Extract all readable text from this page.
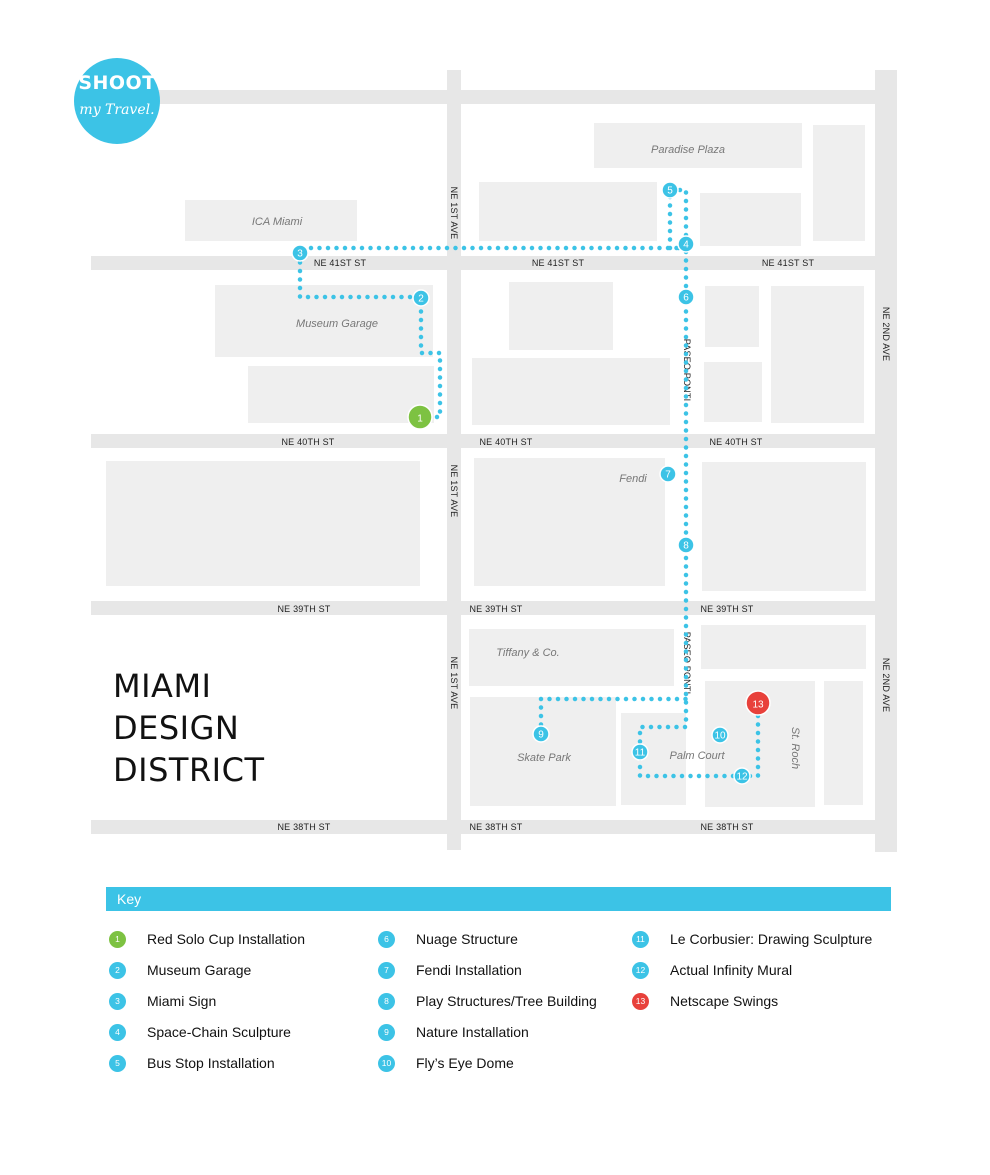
NE 41ST ST	NE 41ST ST	NE 41ST ST
NE 40TH ST	NE 40TH ST	NE 40TH ST
NE 39TH ST	NE 39TH ST	NE 39TH ST
NE 38TH ST	NE 38TH ST	NE 38TH ST
NE 1ST AVE
NE 1ST AVE
NE 1ST AVE
PASEO PONTI
PASEO PONTI
NE 2ND AVE
NE 2ND AVE
Paradise Plaza
ICA Miami
Museum Garage
Fendi
Tiffany & Co.
Skate Park	Palm Court	St. Roch
1
2
3
4
5
6
7
8
9	10
11
12
13
MIAMI
DESIGN
DISTRICT
SHOOT
my Travel.
Key
1	Red Solo Cup Installation
2	Museum Garage
3	Miami Sign
4	Space-Chain Sculpture
5	Bus Stop Installation
6	Nuage Structure
7	Fendi Installation
8	Play Structures/Tree Building
9	Nature Installation
10 Fly’s Eye Dome
11 Le Corbusier: Drawing Sculpture
12 Actual Infinity Mural
13 Netscape Swings
